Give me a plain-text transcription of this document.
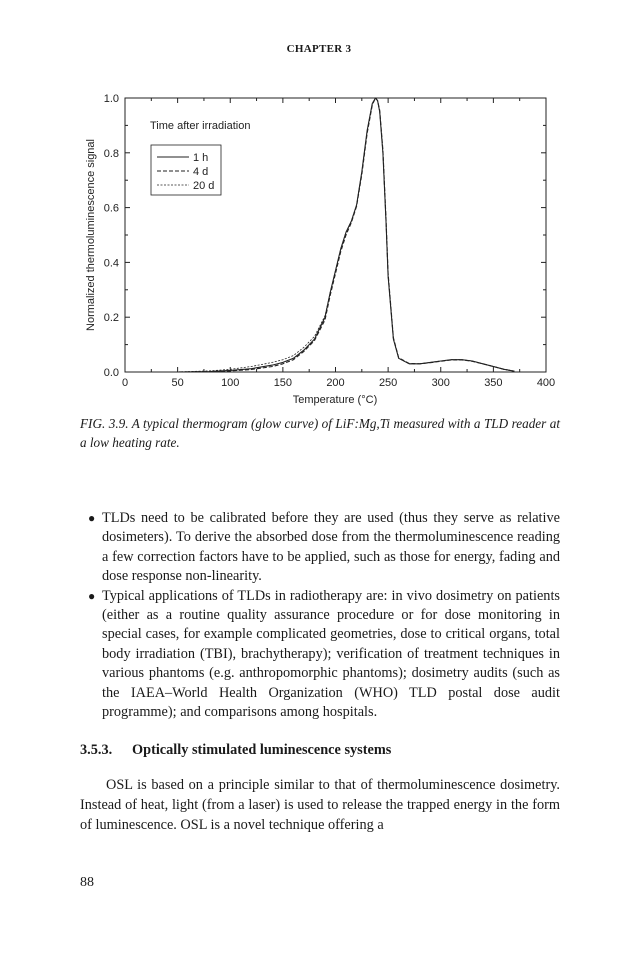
CHAPTER 3
0	50	100	150	200	250	300	350	400
0.0
0.2
0.4
0.6
0.8
1.0
Temperature (°C)
Normalized thermoluminescence signal
Time after irradiation
1 h
4 d
20 d
FIG. 3.9. A typical thermogram (glow curve) of LiF:Mg,Ti measured with a TLD reader at a low heating rate.
● TLDs need to be calibrated before they are used (thus they serve as relative dosimeters). To derive the absorbed dose from the thermoluminescence reading a few correction factors have to be applied, such as those for energy, fading and dose response non-linearity.
● Typical applications of TLDs in radiotherapy are: in vivo dosimetry on patients (either as a routine quality assurance procedure or for dose monitoring in special cases, for example complicated geometries, dose to critical organs, total body irradiation (TBI), brachytherapy); verification of treatment techniques in various phantoms (e.g. anthropomorphic phantoms); dosimetry audits (such as the IAEA–World Health Organization (WHO) TLD postal dose audit programme); and comparisons among hospitals.
3.5.3. Optically stimulated luminescence systems
OSL is based on a principle similar to that of thermoluminescence dosimetry. Instead of heat, light (from a laser) is used to release the trapped energy in the form of luminescence. OSL is a novel technique offering a
88
